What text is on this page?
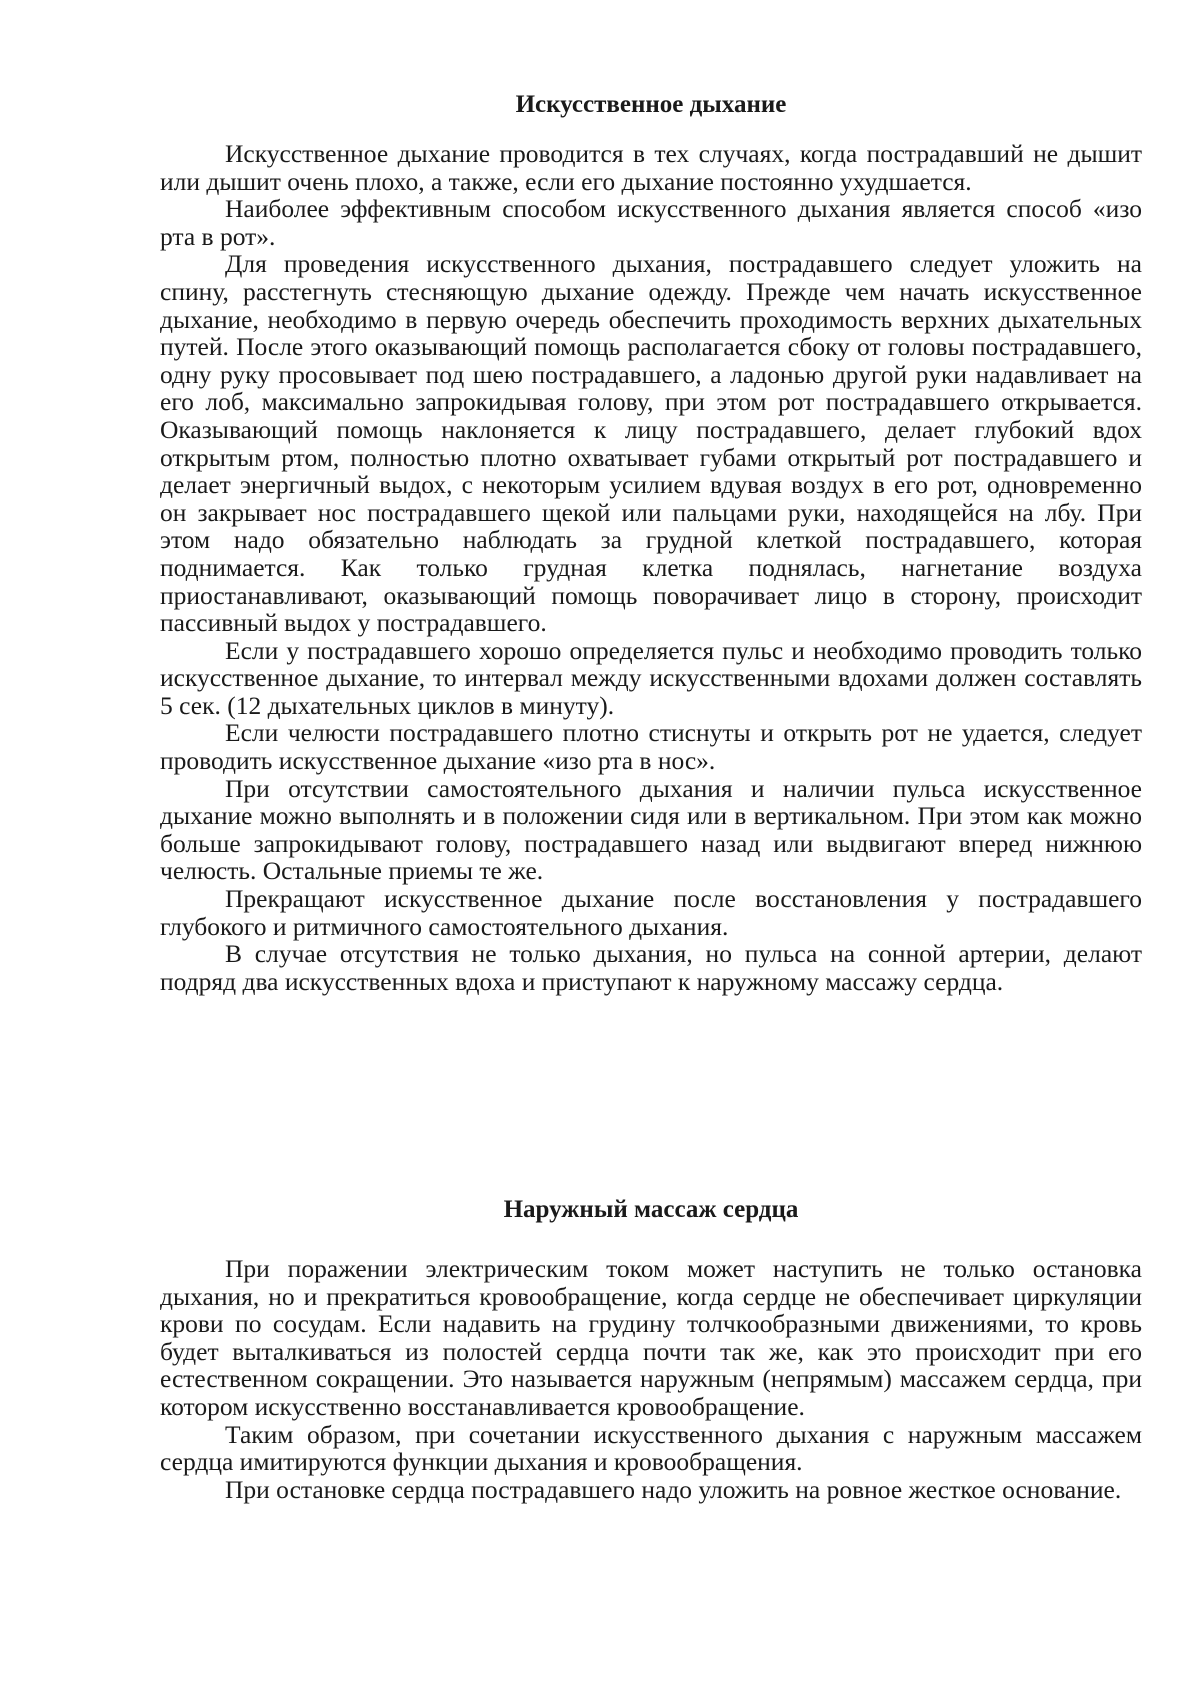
Искусственное дыхание

Искусственное дыхание проводится в тех случаях, когда пострадавший не дышит или дышит очень плохо, а также, если его дыхание постоянно ухудшается.

Наиболее эффективным способом искусственного дыхания является способ «изо рта в рот».

Для проведения искусственного дыхания, пострадавшего следует уложить на спину, расстегнуть стесняющую дыхание одежду. Прежде чем начать искусственное дыхание, необходимо в первую очередь обеспечить проходимость верхних дыхательных путей. После этого оказывающий помощь располагается сбоку от головы пострадавшего, одну руку просовывает под шею пострадавшего, а ладонью другой руки надавливает на его лоб, максимально запрокидывая голову, при этом рот пострадавшего открывается. Оказывающий помощь наклоняется к лицу пострадавшего, делает глубокий вдох открытым ртом, полностью плотно охватывает губами открытый рот пострадавшего и делает энергичный выдох, с некоторым усилием вдувая воздух в его рот, одновременно он закрывает нос пострадавшего щекой или пальцами руки, находящейся на лбу. При этом надо обязательно наблюдать за грудной клеткой пострадавшего, которая поднимается. Как только грудная клетка поднялась, нагнетание воздуха приостанавливают, оказывающий помощь поворачивает лицо в сторону, происходит пассивный выдох у пострадавшего.

Если у пострадавшего хорошо определяется пульс и необходимо проводить только искусственное дыхание, то интервал между искусственными вдохами должен составлять 5 сек. (12 дыхательных циклов в минуту).

Если челюсти пострадавшего плотно стиснуты и открыть рот не удается, следует проводить искусственное дыхание «изо рта в нос».

При отсутствии самостоятельного дыхания и наличии пульса искусственное дыхание можно выполнять и в положении сидя или в вертикальном. При этом как можно больше запрокидывают голову, пострадавшего назад или выдвигают вперед нижнюю челюсть. Остальные приемы те же.

Прекращают искусственное дыхание после восстановления у пострадавшего глубокого и ритмичного самостоятельного дыхания.

В случае отсутствия не только дыхания, но пульса на сонной артерии, делают подряд два искусственных вдоха и приступают к наружному массажу сердца.

Наружный массаж сердца

При поражении электрическим током может наступить не только остановка дыхания, но и прекратиться кровообращение, когда сердце не обеспечивает циркуляции крови по сосудам. Если надавить на грудину толчкообразными движениями, то кровь будет выталкиваться из полостей сердца почти так же, как это происходит при его естественном сокращении. Это называется наружным (непрямым) массажем сердца, при котором искусственно восстанавливается кровообращение.

Таким образом, при сочетании искусственного дыхания с наружным массажем сердца имитируются функции дыхания и кровообращения.

При остановке сердца пострадавшего надо уложить на ровное жесткое основание.
